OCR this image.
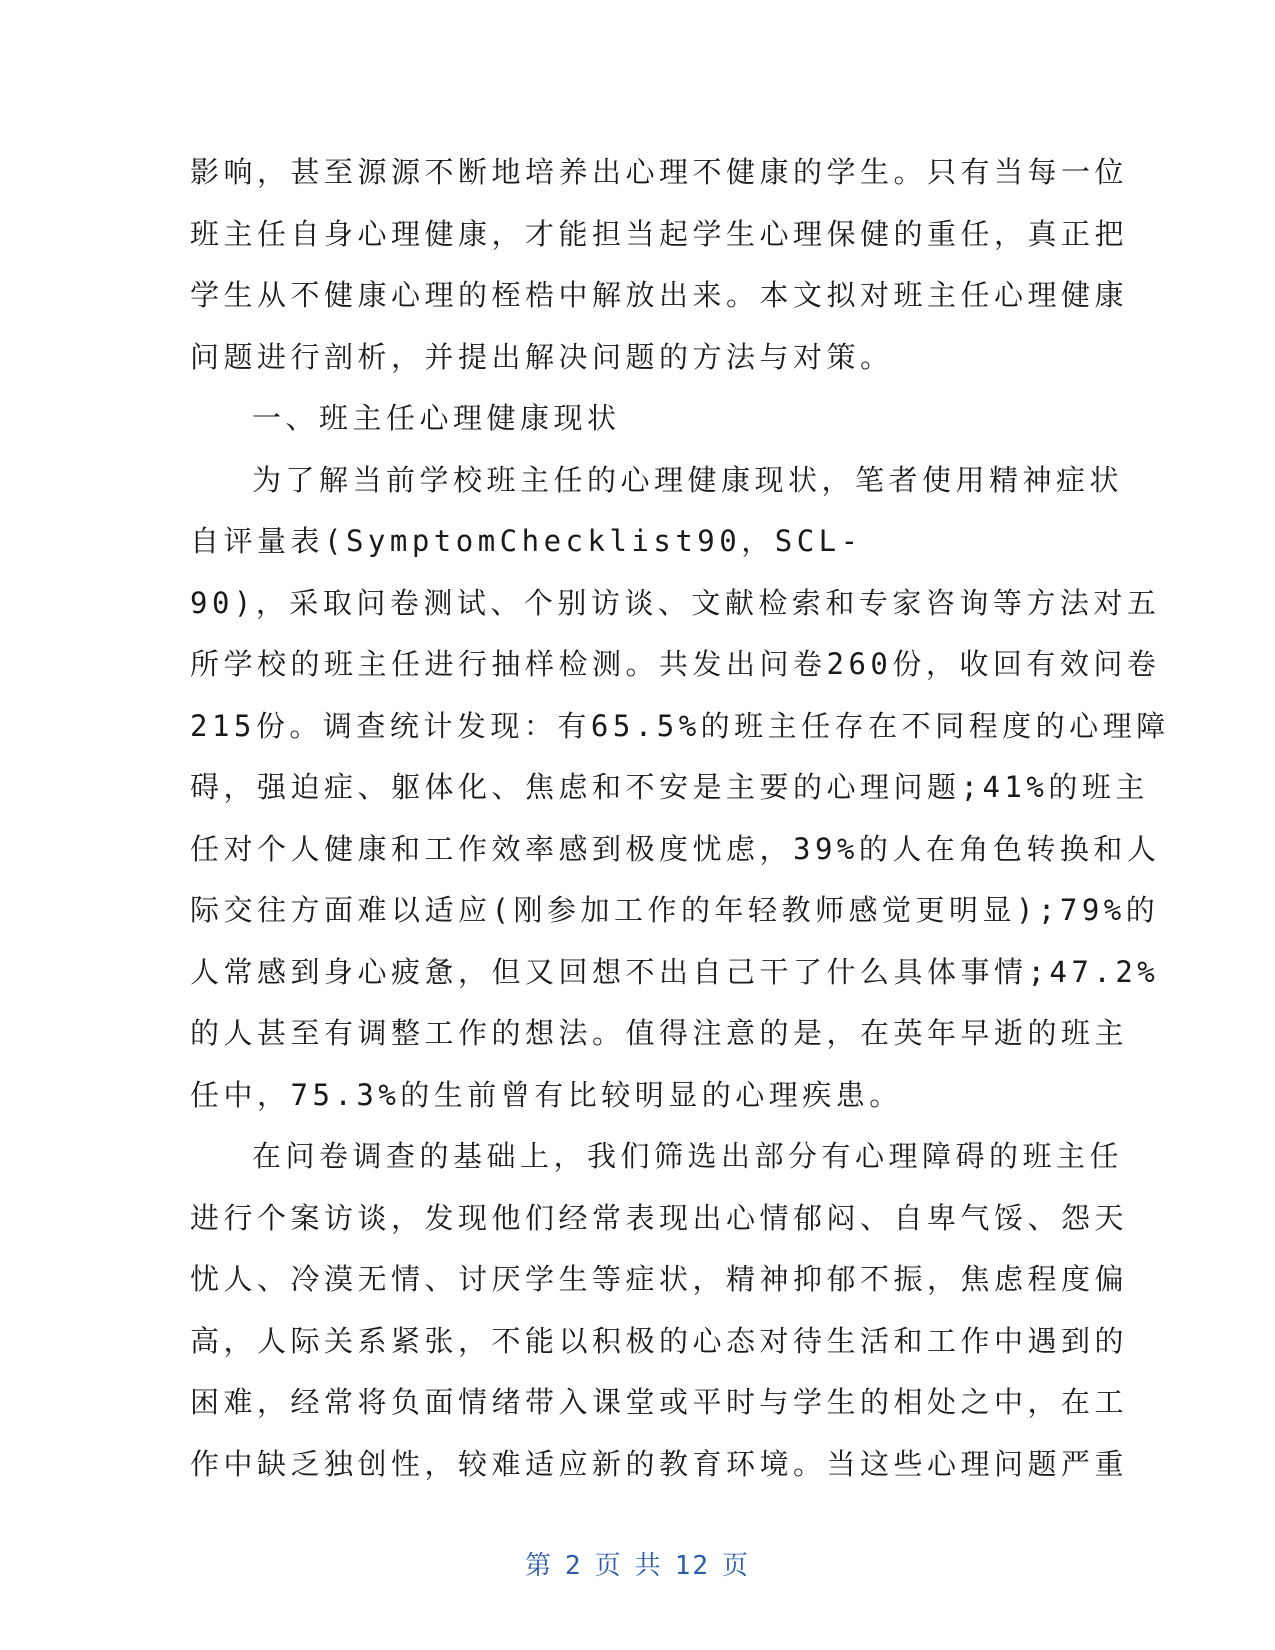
影响，甚至源源不断地培养出心理不健康的学生。只有当每一位
班主任自身心理健康，才能担当起学生心理保健的重任，真正把
学生从不健康心理的桎梏中解放出来。本文拟对班主任心理健康
问题进行剖析，并提出解决问题的方法与对策。
一、班主任心理健康现状
为了解当前学校班主任的心理健康现状，笔者使用精神症状
自评量表(SymptomChecklist90，SCL-
90)，采取问卷测试、个别访谈、文献检索和专家咨询等方法对五
所学校的班主任进行抽样检测。共发出问卷260份，收回有效问卷
215份。调查统计发现：有65.5%的班主任存在不同程度的心理障
碍，强迫症、躯体化、焦虑和不安是主要的心理问题;41%的班主
任对个人健康和工作效率感到极度忧虑，39%的人在角色转换和人
际交往方面难以适应(刚参加工作的年轻教师感觉更明显);79%的
人常感到身心疲惫，但又回想不出自己干了什么具体事情;47.2%
的人甚至有调整工作的想法。值得注意的是，在英年早逝的班主
任中，75.3%的生前曾有比较明显的心理疾患。
在问卷调查的基础上，我们筛选出部分有心理障碍的班主任
进行个案访谈，发现他们经常表现出心情郁闷、自卑气馁、怨天
忧人、冷漠无情、讨厌学生等症状，精神抑郁不振，焦虑程度偏
高，人际关系紧张，不能以积极的心态对待生活和工作中遇到的
困难，经常将负面情绪带入课堂或平时与学生的相处之中，在工
作中缺乏独创性，较难适应新的教育环境。当这些心理问题严重
第 2 页 共 12 页
